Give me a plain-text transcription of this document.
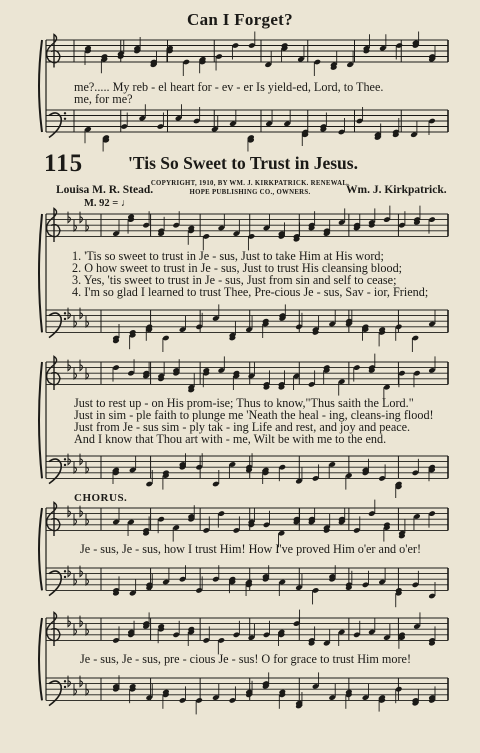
Can I Forget?
me?..... My reb - el heart for - ev - er Is yield-ed, Lord, to Thee.
me, for me?
115	'Tis So Sweet to Trust in Jesus.
Louisa M. R. Stead.
COPYRIGHT, 1910, BY WM. J. KIRKPATRICK. RENEWAL.
HOPE PUBLISHING CO., OWNERS.	Wm. J. Kirkpatrick.
M. 92 = ♩
1. 'Tis so sweet to trust in Je - sus, Just to take Him at His word;
2. O how sweet to trust in Je - sus, Just to trust His cleansing blood;
3. Yes, 'tis sweet to trust in Je - sus, Just from sin and self to cease;
4. I'm so glad I learned to trust Thee, Pre-cious Je - sus, Sav - ior, Friend;
Just to rest up - on His prom-ise; Thus to know,"Thus saith the Lord."
Just in sim - ple faith to plunge me 'Neath the heal - ing, cleans-ing flood!
Just from Je - sus sim - ply tak - ing Life and rest, and joy and peace.
And I know that Thou art with - me, Wilt be with me to the end.
CHORUS.
Je - sus, Je - sus, how I trust Him! How I've proved Him o'er and o'er!
Je - sus, Je - sus, pre - cious Je - sus! O for grace to trust Him more!
